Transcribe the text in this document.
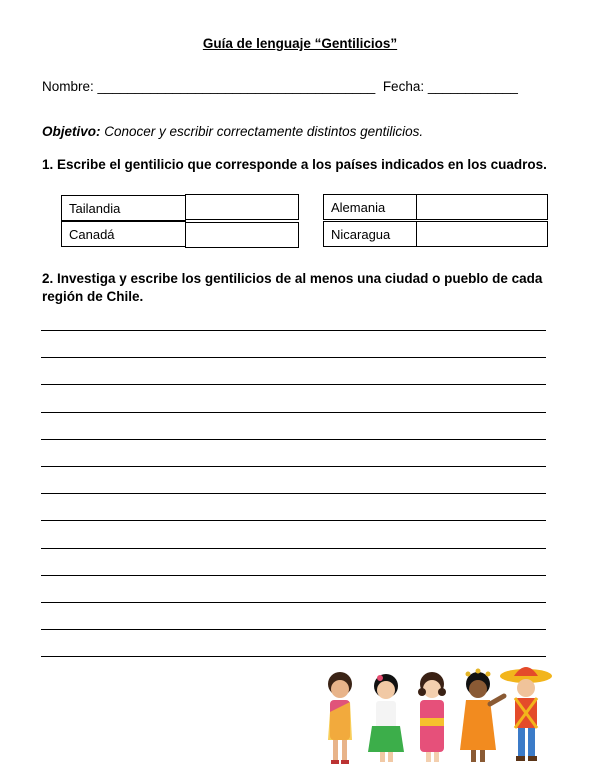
Guía de lenguaje “Gentilicios”
Nombre: _____________________________________  Fecha: ____________
Objetivo: Conocer y escribir correctamente distintos gentilicios.
1. Escribe el gentilicio que corresponde a los países indicados en los cuadros.
Tailandia
Canadá
Alemania
Nicaragua
2. Investiga y escribe los gentilicios de al menos una ciudad o pueblo de cada región de Chile.
